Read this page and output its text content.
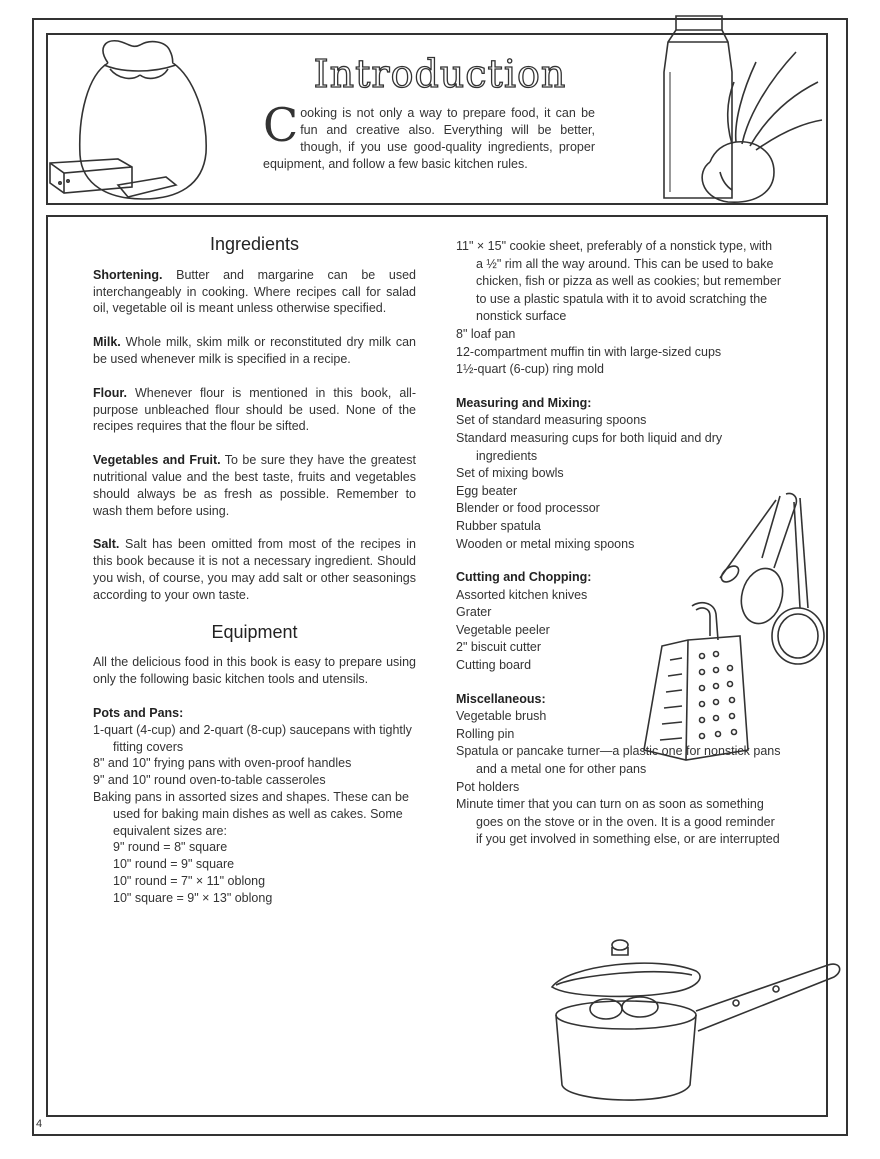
Introduction
Cooking is not only a way to prepare food, it can be fun and creative also. Everything will be better, though, if you use good-quality ingredients, proper equipment, and follow a few basic kitchen rules.
Ingredients

Shortening. Butter and margarine can be used interchangeably in cooking. Where recipes call for salad oil, vegetable oil is meant unless otherwise specified.

Milk. Whole milk, skim milk or reconstituted dry milk can be used whenever milk is specified in a recipe.

Flour. Whenever flour is mentioned in this book, all-purpose unbleached flour should be used. None of the recipes requires that the flour be sifted.

Vegetables and Fruit. To be sure they have the greatest nutritional value and the best taste, fruits and vegetables should always be as fresh as possible. Remember to wash them before using.

Salt. Salt has been omitted from most of the recipes in this book because it is not a necessary ingredient. Should you wish, of course, you may add salt or other seasonings according to your own taste.

Equipment

All the delicious food in this book is easy to prepare using only the following basic kitchen tools and utensils.

Pots and Pans:
1-quart (4-cup) and 2-quart (8-cup) saucepans with tightly fitting covers
8" and 10" frying pans with oven-proof handles
9" and 10" round oven-to-table casseroles
Baking pans in assorted sizes and shapes. These can be used for baking main dishes as well as cakes. Some equivalent sizes are:
9" round = 8" square
10" round = 9" square
10" round = 7" × 11" oblong
10" square = 9" × 13" oblong
11" × 15" cookie sheet, preferably of a nonstick type, with a ½" rim all the way around. This can be used to bake chicken, fish or pizza as well as cookies; but remember to use a plastic spatula with it to avoid scratching the nonstick surface
8" loaf pan
12-compartment muffin tin with large-sized cups
1½-quart (6-cup) ring mold
Measuring and Mixing:
Set of standard measuring spoons
Standard measuring cups for both liquid and dry ingredients
Set of mixing bowls
Egg beater
Blender or food processor
Rubber spatula
Wooden or metal mixing spoons
Cutting and Chopping:
Assorted kitchen knives
Grater
Vegetable peeler
2" biscuit cutter
Cutting board
Miscellaneous:
Vegetable brush
Rolling pin
Spatula or pancake turner—a plastic one for nonstick pans and a metal one for other pans
Pot holders
Minute timer that you can turn on as soon as something goes on the stove or in the oven. It is a good reminder if you get involved in something else, or are interrupted
4
